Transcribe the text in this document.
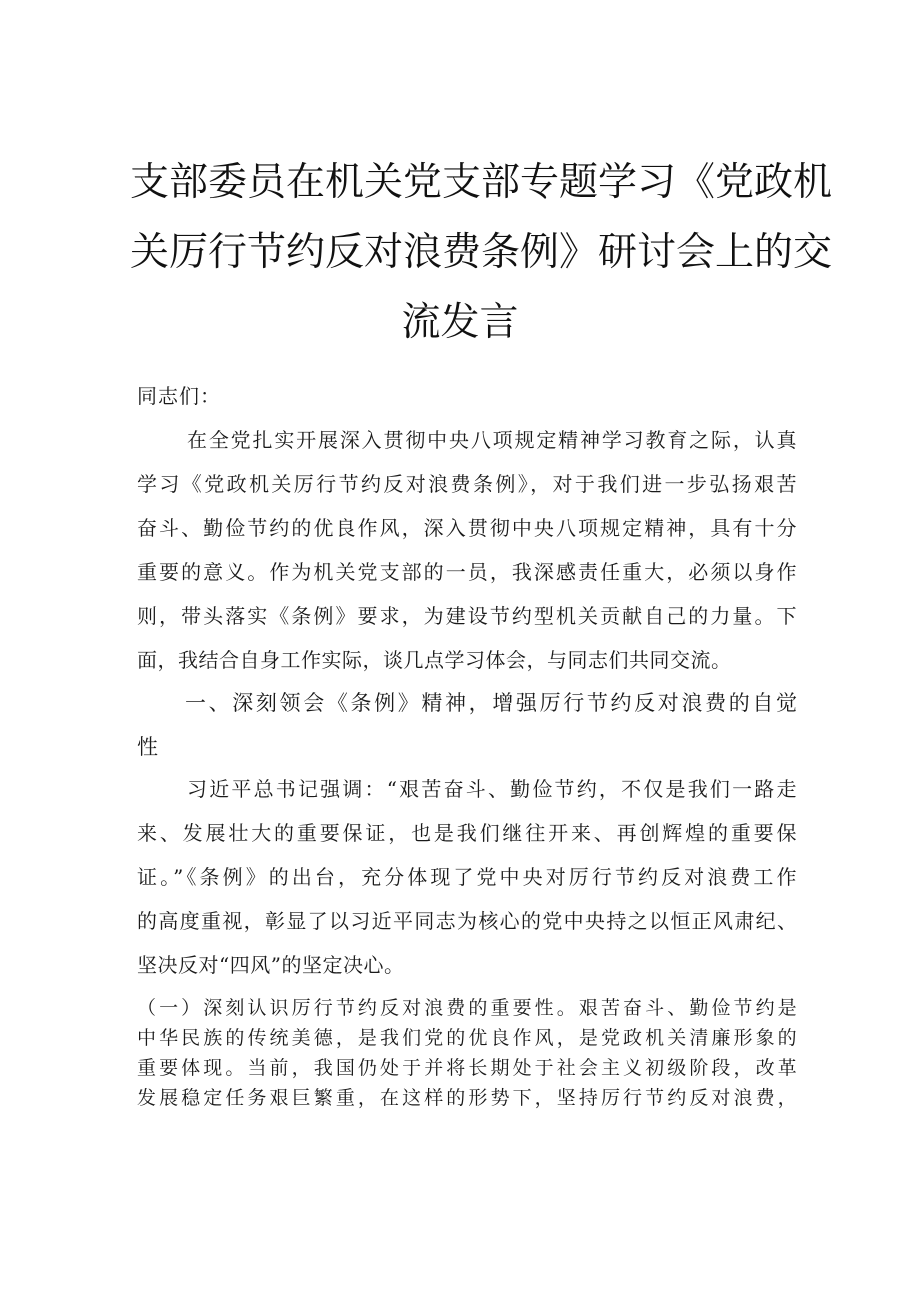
支部委员在机关党支部专题学习《党政机
关厉行节约反对浪费条例》研讨会上的交
流发言
同志们：
在全党扎实开展深入贯彻中央八项规定精神学习教育之际，认真
学习《党政机关厉行节约反对浪费条例》，对于我们进一步弘扬艰苦
奋斗、勤俭节约的优良作风，深入贯彻中央八项规定精神，具有十分
重要的意义。作为机关党支部的一员，我深感责任重大，必须以身作
则，带头落实《条例》要求，为建设节约型机关贡献自己的力量。下
面，我结合自身工作实际，谈几点学习体会，与同志们共同交流。
一、深刻领会《条例》精神，增强厉行节约反对浪费的自觉
性
习近平总书记强调：“艰苦奋斗、勤俭节约，不仅是我们一路走
来、发展壮大的重要保证，也是我们继往开来、再创辉煌的重要保
证。”《条例》的出台，充分体现了党中央对厉行节约反对浪费工作
的高度重视，彰显了以习近平同志为核心的党中央持之以恒正风肃纪、
坚决反对“四风”的坚定决心。
（一）深刻认识厉行节约反对浪费的重要性。艰苦奋斗、勤俭节约是
中华民族的传统美德，是我们党的优良作风，是党政机关清廉形象的
重要体现。当前，我国仍处于并将长期处于社会主义初级阶段，改革
发展稳定任务艰巨繁重，在这样的形势下，坚持厉行节约反对浪费，
